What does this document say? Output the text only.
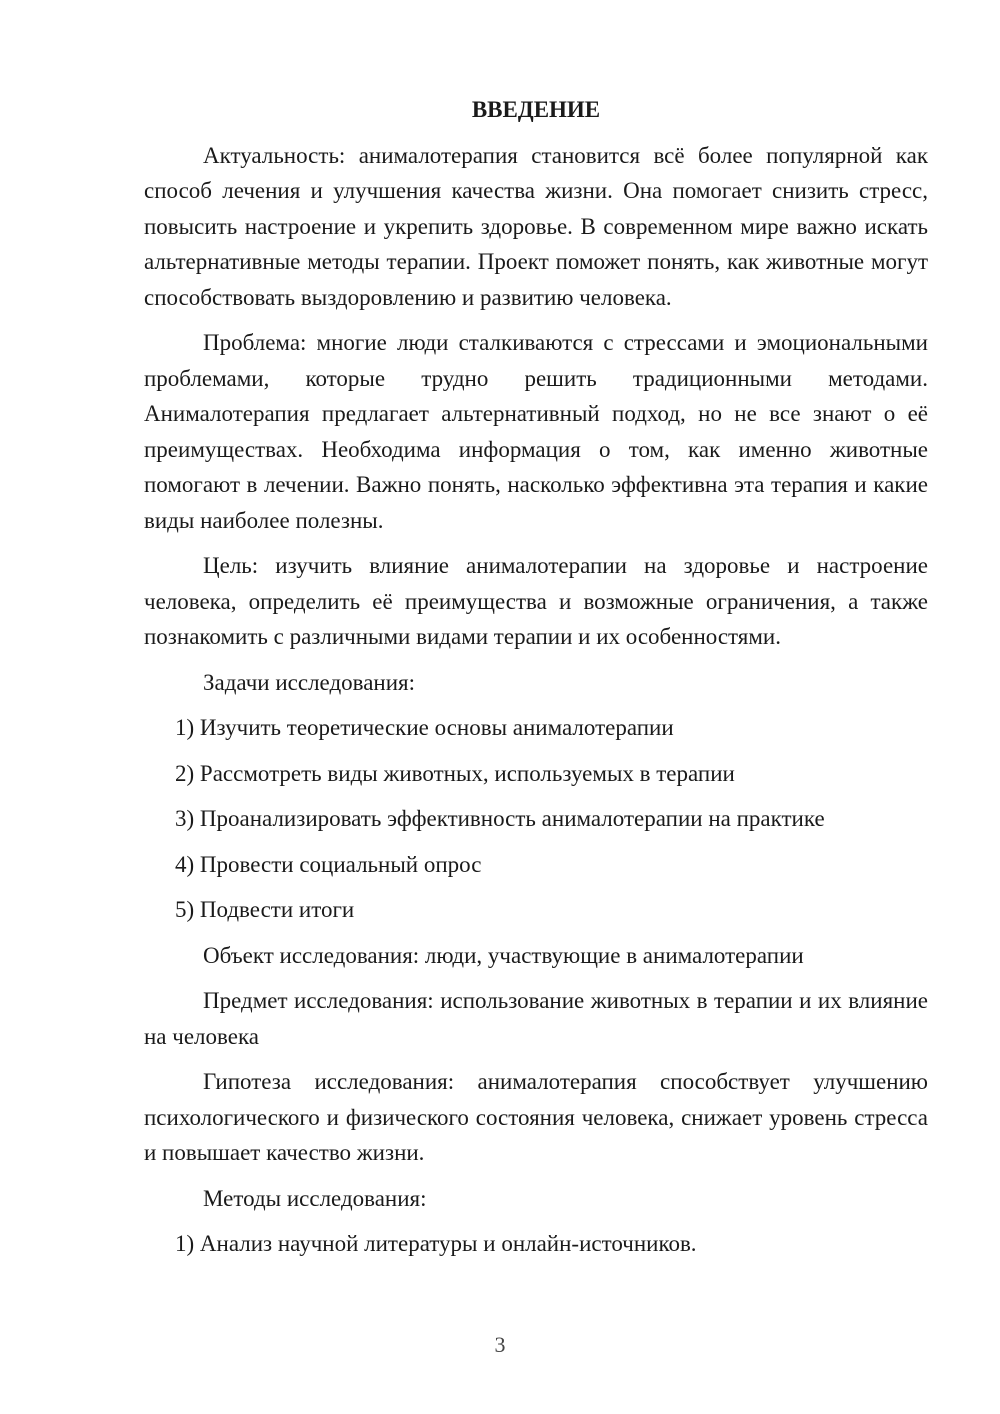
ВВЕДЕНИЕ

Актуальность: анималотерапия становится всё более популярной как способ лечения и улучшения качества жизни. Она помогает снизить стресс, повысить настроение и укрепить здоровье. В современном мире важно искать альтернативные методы терапии. Проект поможет понять, как животные могут способствовать выздоровлению и развитию человека.

Проблема: многие люди сталкиваются с стрессами и эмоциональными проблемами, которые трудно решить традиционными методами. Анималотерапия предлагает альтернативный подход, но не все знают о её преимуществах. Необходима информация о том, как именно животные помогают в лечении. Важно понять, насколько эффективна эта терапия и какие виды наиболее полезны.

Цель: изучить влияние анималотерапии на здоровье и настроение человека, определить её преимущества и возможные ограничения, а также познакомить с различными видами терапии и их особенностями.

Задачи исследования:
1) Изучить теоретические основы анималотерапии
2) Рассмотреть виды животных, используемых в терапии
3) Проанализировать эффективность анималотерапии на практике
4) Провести социальный опрос
5) Подвести итоги

Объект исследования: люди, участвующие в анималотерапии

Предмет исследования: использование животных в терапии и их влияние на человека

Гипотеза исследования: анималотерапия способствует улучшению психологического и физического состояния человека, снижает уровень стресса и повышает качество жизни.

Методы исследования:
1) Анализ научной литературы и онлайн-источников.
3
